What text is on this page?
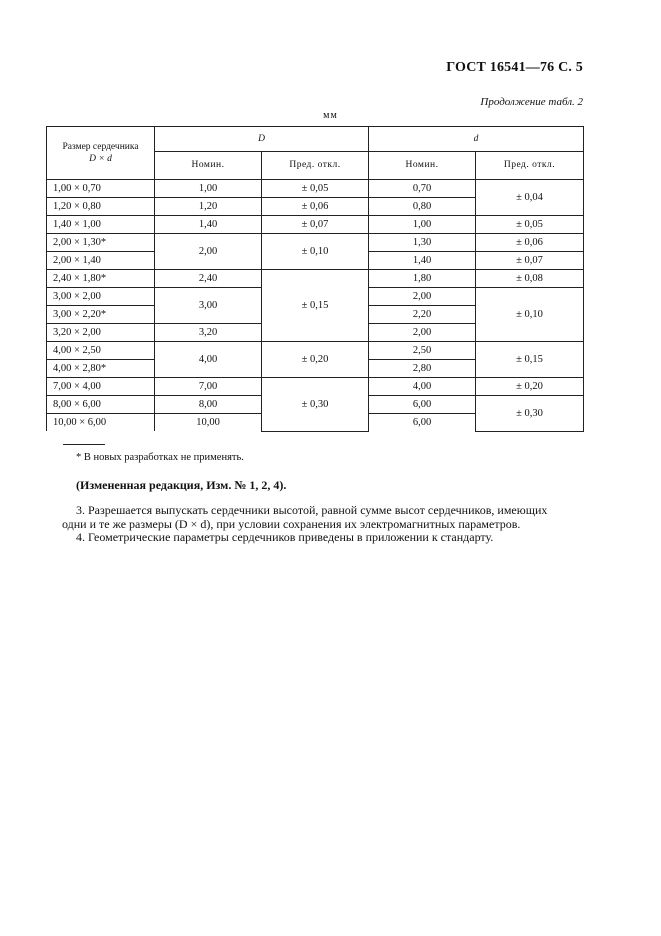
ГОСТ 16541—76 С. 5
Продолжение табл. 2
мм
Размер сердечника
D × d	D		d	
	Номин.	Пред. откл.	Номин.	Пред. откл.
1,00 × 0,70	1,00	± 0,05	0,70	± 0,04
1,20 × 0,80	1,20	± 0,06	0,80	
1,40 × 1,00	1,40	± 0,07	1,00	± 0,05
2,00 × 1,30*	2,00	± 0,10	1,30	± 0,06
2,00 × 1,40			1,40	± 0,07
2,40 × 1,80*	2,40	± 0,15	1,80	± 0,08
3,00 × 2,00	3,00		2,00	± 0,10
3,00 × 2,20*			2,20	
3,20 × 2,00	3,20		2,00	
4,00 × 2,50	4,00	± 0,20	2,50	± 0,15
4,00 × 2,80*			2,80	
7,00 × 4,00	7,00	± 0,30	4,00	± 0,20
8,00 × 6,00	8,00		6,00	± 0,30
10,00 × 6,00	10,00		6,00	
* В новых разработках не применять.
(Измененная редакция, Изм. № 1, 2, 4).
3. Разрешается выпускать сердечники высотой, равной сумме высот сердечников, имеющих
одни и те же размеры (D × d), при условии сохранения их электромагнитных параметров.
4. Геометрические параметры сердечников приведены в приложении к стандарту.
